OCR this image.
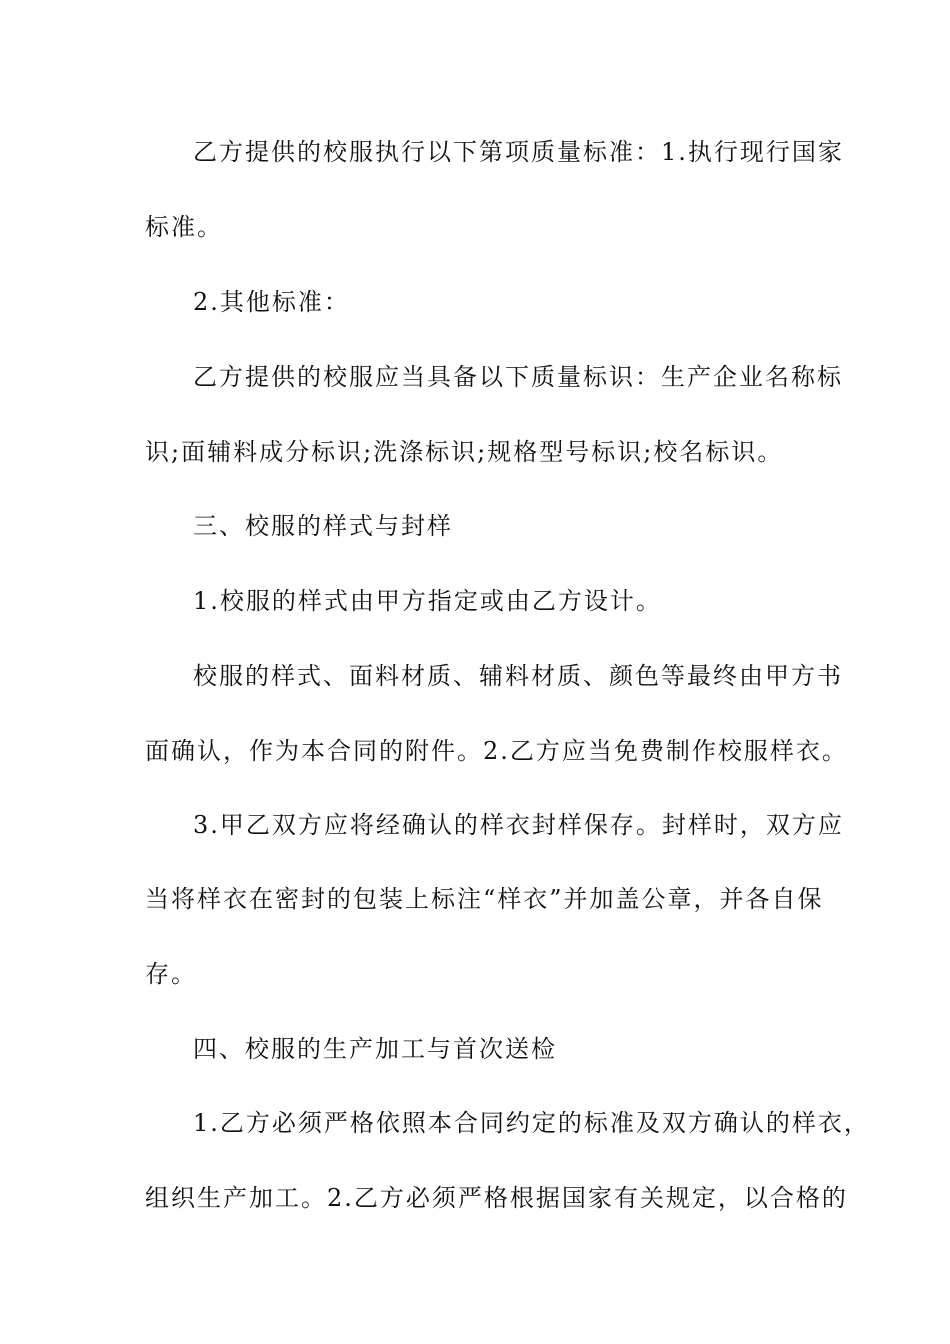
乙方提供的校服执行以下第项质量标准：1.执行现行国家
标准。
2.其他标准：
乙方提供的校服应当具备以下质量标识：生产企业名称标
识;面辅料成分标识;洗涤标识;规格型号标识;校名标识。
三、校服的样式与封样
1.校服的样式由甲方指定或由乙方设计。
校服的样式、面料材质、辅料材质、颜色等最终由甲方书
面确认，作为本合同的附件。2.乙方应当免费制作校服样衣。
3.甲乙双方应将经确认的样衣封样保存。封样时，双方应
当将样衣在密封的包装上标注“样衣”并加盖公章，并各自保
存。
四、校服的生产加工与首次送检
1.乙方必须严格依照本合同约定的标准及双方确认的样衣，
组织生产加工。2.乙方必须严格根据国家有关规定，以合格的
